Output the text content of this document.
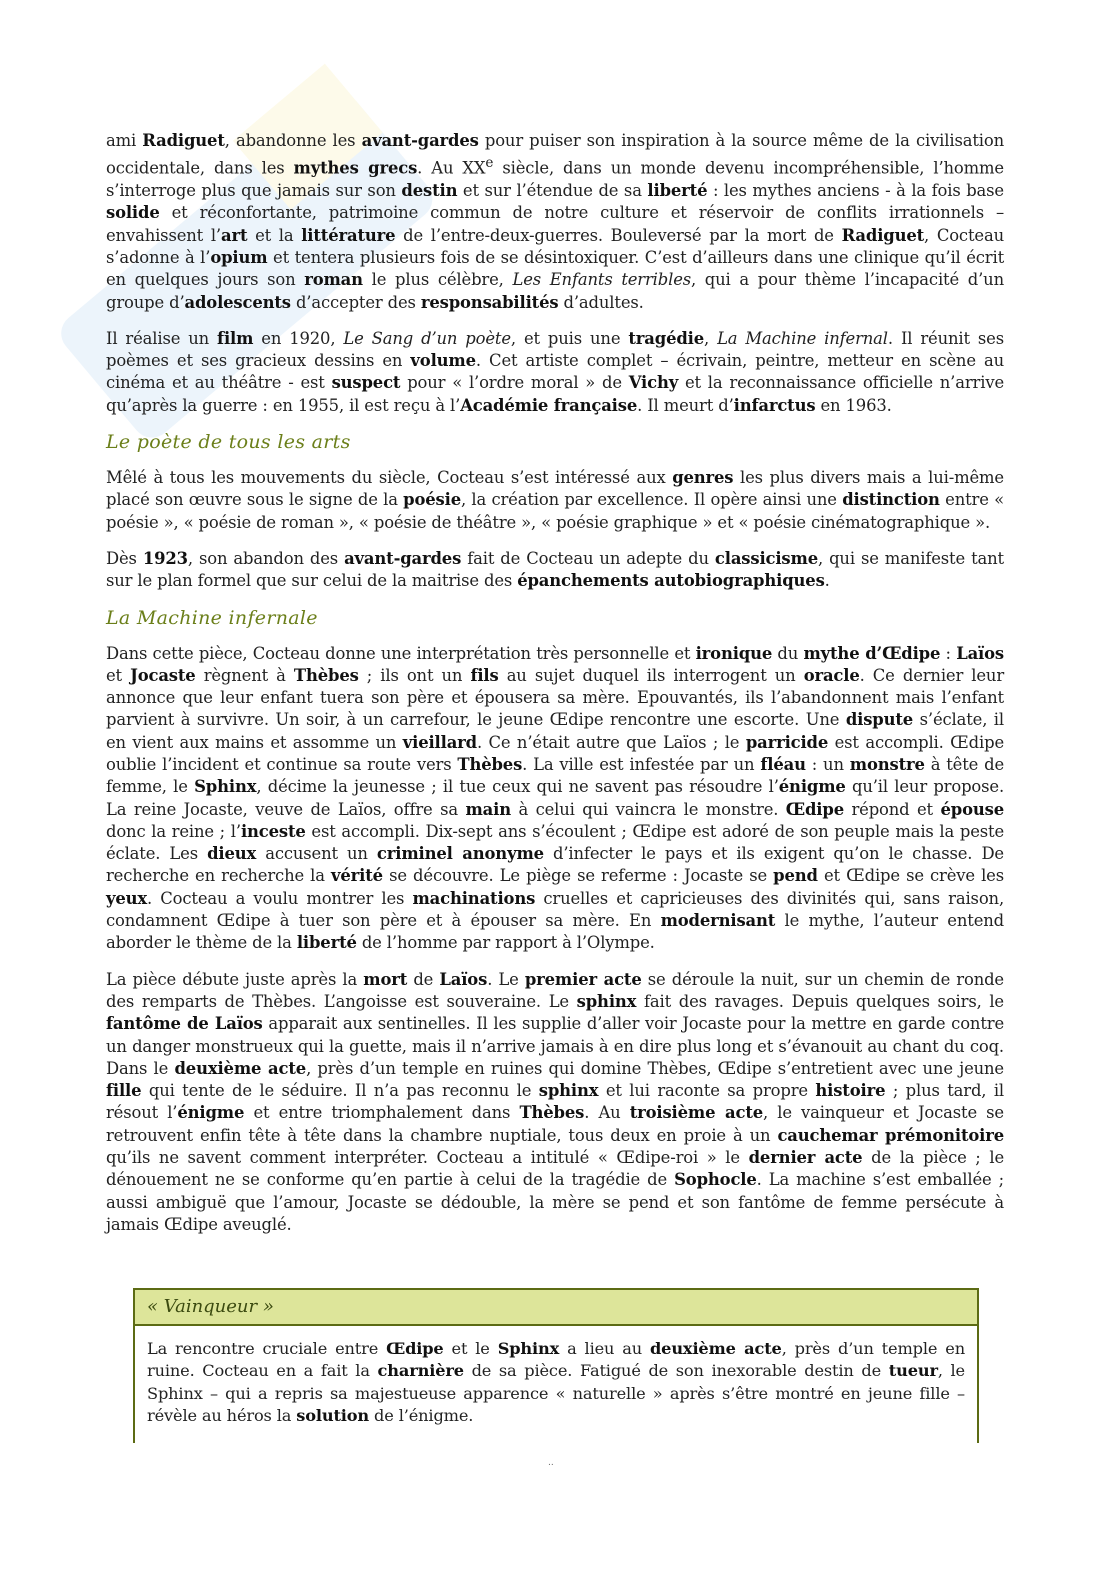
ami Radiguet, abandonne les avant-gardes pour puiser son inspiration à la source même de la civilisation occidentale, dans les mythes grecs. Au XXe siècle, dans un monde devenu incompréhensible, l’homme s’interroge plus que jamais sur son destin et sur l’étendue de sa liberté : les mythes anciens - à la fois base solide et réconfortante, patrimoine commun de notre culture et réservoir de conflits irrationnels – envahissent l’art et la littérature de l’entre-deux-guerres. Bouleversé par la mort de Radiguet, Cocteau s’adonne à l’opium et tentera plusieurs fois de se désintoxiquer. C’est d’ailleurs dans une clinique qu’il écrit en quelques jours son roman le plus célèbre, Les Enfants terribles, qui a pour thème l’incapacité d’un groupe d’adolescents d’accepter des responsabilités d’adultes.

Il réalise un film en 1920, Le Sang d’un poète, et puis une tragédie, La Machine infernal. Il réunit ses poèmes et ses gracieux dessins en volume. Cet artiste complet – écrivain, peintre, metteur en scène au cinéma et au théâtre - est suspect pour « l’ordre moral » de Vichy et la reconnaissance officielle n’arrive qu’après la guerre : en 1955, il est reçu à l’Académie française. Il meurt d’infarctus en 1963.

Le poète de tous les arts

Mêlé à tous les mouvements du siècle, Cocteau s’est intéressé aux genres les plus divers mais a lui-même placé son œuvre sous le signe de la poésie, la création par excellence. Il opère ainsi une distinction entre « poésie », « poésie de roman », « poésie de théâtre », « poésie graphique » et « poésie cinématographique ».

Dès 1923, son abandon des avant-gardes fait de Cocteau un adepte du classicisme, qui se manifeste tant sur le plan formel que sur celui de la maitrise des épanchements autobiographiques.

La Machine infernale

Dans cette pièce, Cocteau donne une interprétation très personnelle et ironique du mythe d’Œdipe : Laïos et Jocaste règnent à Thèbes ; ils ont un fils au sujet duquel ils interrogent un oracle. Ce dernier leur annonce que leur enfant tuera son père et épousera sa mère. Epouvantés, ils l’abandonnent mais l’enfant parvient à survivre. Un soir, à un carrefour, le jeune Œdipe rencontre une escorte. Une dispute s’éclate, il en vient aux mains et assomme un vieillard. Ce n’était autre que Laïos ; le parricide est accompli. Œdipe oublie l’incident et continue sa route vers Thèbes. La ville est infestée par un fléau : un monstre à tête de femme, le Sphinx, décime la jeunesse ; il tue ceux qui ne savent pas résoudre l’énigme qu’il leur propose. La reine Jocaste, veuve de Laïos, offre sa main à celui qui vaincra le monstre. Œdipe répond et épouse donc la reine ; l’inceste est accompli. Dix-sept ans s’écoulent ; Œdipe est adoré de son peuple mais la peste éclate. Les dieux accusent un criminel anonyme d’infecter le pays et ils exigent qu’on le chasse. De recherche en recherche la vérité se découvre. Le piège se referme : Jocaste se pend et Œdipe se crève les yeux. Cocteau a voulu montrer les machinations cruelles et capricieuses des divinités qui, sans raison, condamnent Œdipe à tuer son père et à épouser sa mère. En modernisant le mythe, l’auteur entend aborder le thème de la liberté de l’homme par rapport à l’Olympe.

La pièce débute juste après la mort de Laïos. Le premier acte se déroule la nuit, sur un chemin de ronde des remparts de Thèbes. L’angoisse est souveraine. Le sphinx fait des ravages. Depuis quelques soirs, le fantôme de Laïos apparait aux sentinelles. Il les supplie d’aller voir Jocaste pour la mettre en garde contre un danger monstrueux qui la guette, mais il n’arrive jamais à en dire plus long et s’évanouit au chant du coq. Dans le deuxième acte, près d’un temple en ruines qui domine Thèbes, Œdipe s’entretient avec une jeune fille qui tente de le séduire. Il n’a pas reconnu le sphinx et lui raconte sa propre histoire ; plus tard, il résout l’énigme et entre triomphalement dans Thèbes. Au troisième acte, le vainqueur et Jocaste se retrouvent enfin tête à tête dans la chambre nuptiale, tous deux en proie à un cauchemar prémonitoire qu’ils ne savent comment interpréter. Cocteau a intitulé « Œdipe-roi » le dernier acte de la pièce ; le dénouement ne se conforme qu’en partie à celui de la tragédie de Sophocle. La machine s’est emballée ; aussi ambiguë que l’amour, Jocaste se dédouble, la mère se pend et son fantôme de femme persécute à jamais Œdipe aveuglé.

« Vainqueur »

La rencontre cruciale entre Œdipe et le Sphinx a lieu au deuxième acte, près d’un temple en ruine. Cocteau en a fait la charnière de sa pièce. Fatigué de son inexorable destin de tueur, le Sphinx – qui a repris sa majestueuse apparence « naturelle » après s’être montré en jeune fille – révèle au héros la solution de l’énigme.

..
